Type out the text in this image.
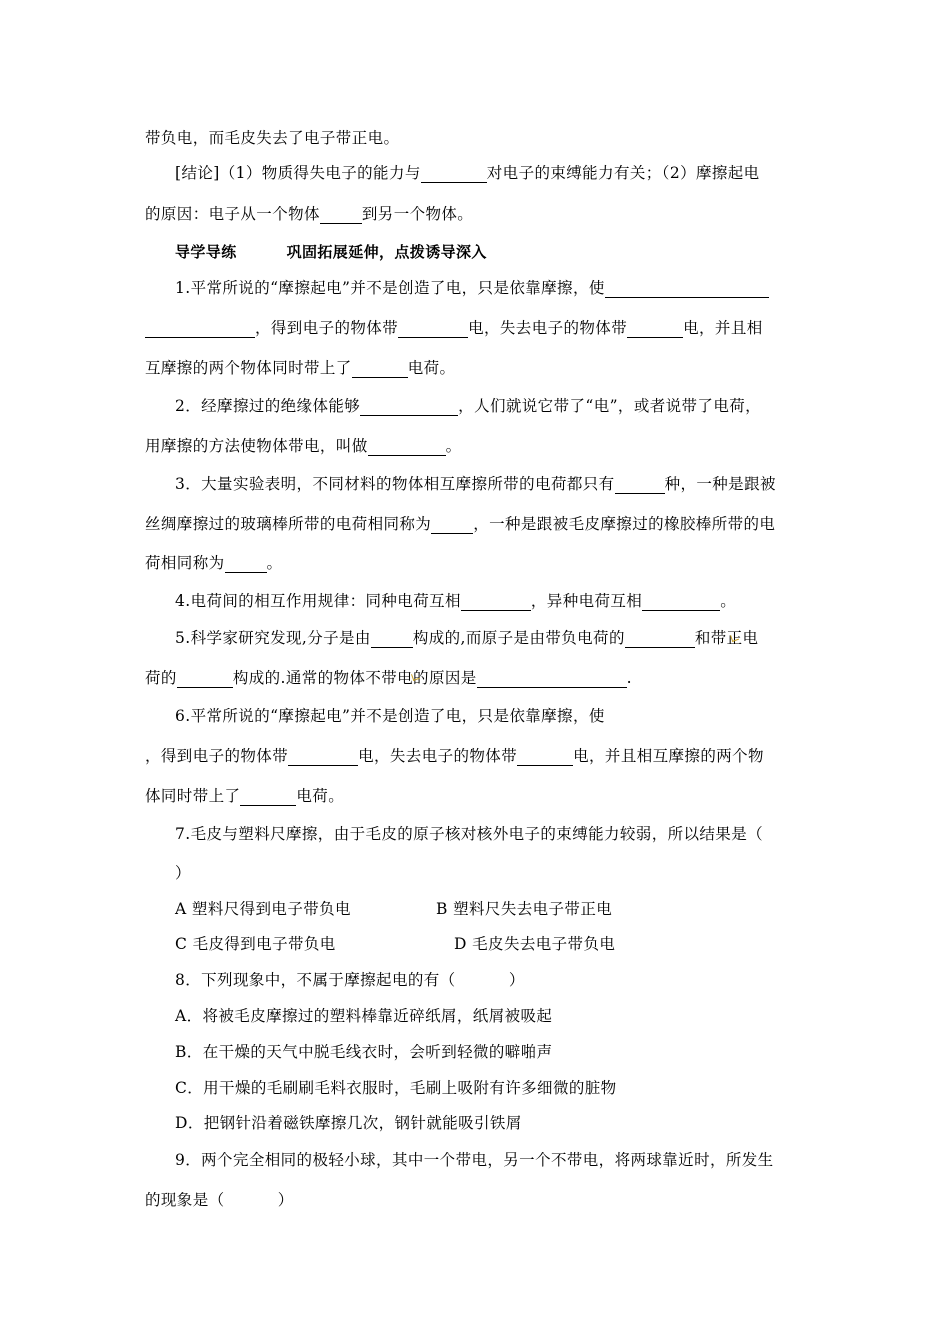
带负电，而毛皮失去了电子带正电。
[结论]（1）物质得失电子的能力与	对电子的束缚能力有关；（2）摩擦起电
的原因：电子从一个物体	到另一个物体。
导学导练	巩固拓展延伸，点拨诱导深入
1.平常所说的“摩擦起电”并不是创造了电，只是依靠摩擦，使
，得到电子的物体带	电，失去电子的物体带	电，并且相
互摩擦的两个物体同时带上了	电荷。
2．经摩擦过的绝缘体能够	，人们就说它带了“电”，或者说带了电荷，
用摩擦的方法使物体带电，叫做	。
3．大量实验表明，不同材料的物体相互摩擦所带的电荷都只有	种，一种是跟被
丝绸摩擦过的玻璃棒所带的电荷相同称为	，一种是跟被毛皮摩擦过的橡胶棒所带的电
荷相同称为	。
4.电荷间的相互作用规律：同种电荷互相	，异种电荷互相	。
5.科学家研究发现,分子是由	构成的,而原子是由带负电荷的	和带正电
荷的	构成的.通常的物体不带电的原因是	.
6.平常所说的“摩擦起电”并不是创造了电，只是依靠摩擦，使
，得到电子的物体带	电，失去电子的物体带	电，并且相互摩擦的两个物
体同时带上了	电荷。
7.毛皮与塑料尺摩擦，由于毛皮的原子核对核外电子的束缚能力较弱，所以结果是（
）
A 塑料尺得到电子带负电	B 塑料尺失去电子带正电
C 毛皮得到电子带负电	D 毛皮失去电子带负电
8．下列现象中，不属于摩擦起电的有（          ）
A．将被毛皮摩擦过的塑料棒靠近碎纸屑，纸屑被吸起
B．在干燥的天气中脱毛线衣时，会听到轻微的噼啪声
C．用干燥的毛刷刷毛料衣服时，毛刷上吸附有许多细微的脏物
D．把钢针沿着磁铁摩擦几次，钢针就能吸引铁屑
9．两个完全相同的极轻小球，其中一个带电，另一个不带电，将两球靠近时，所发生
的现象是（          ）
